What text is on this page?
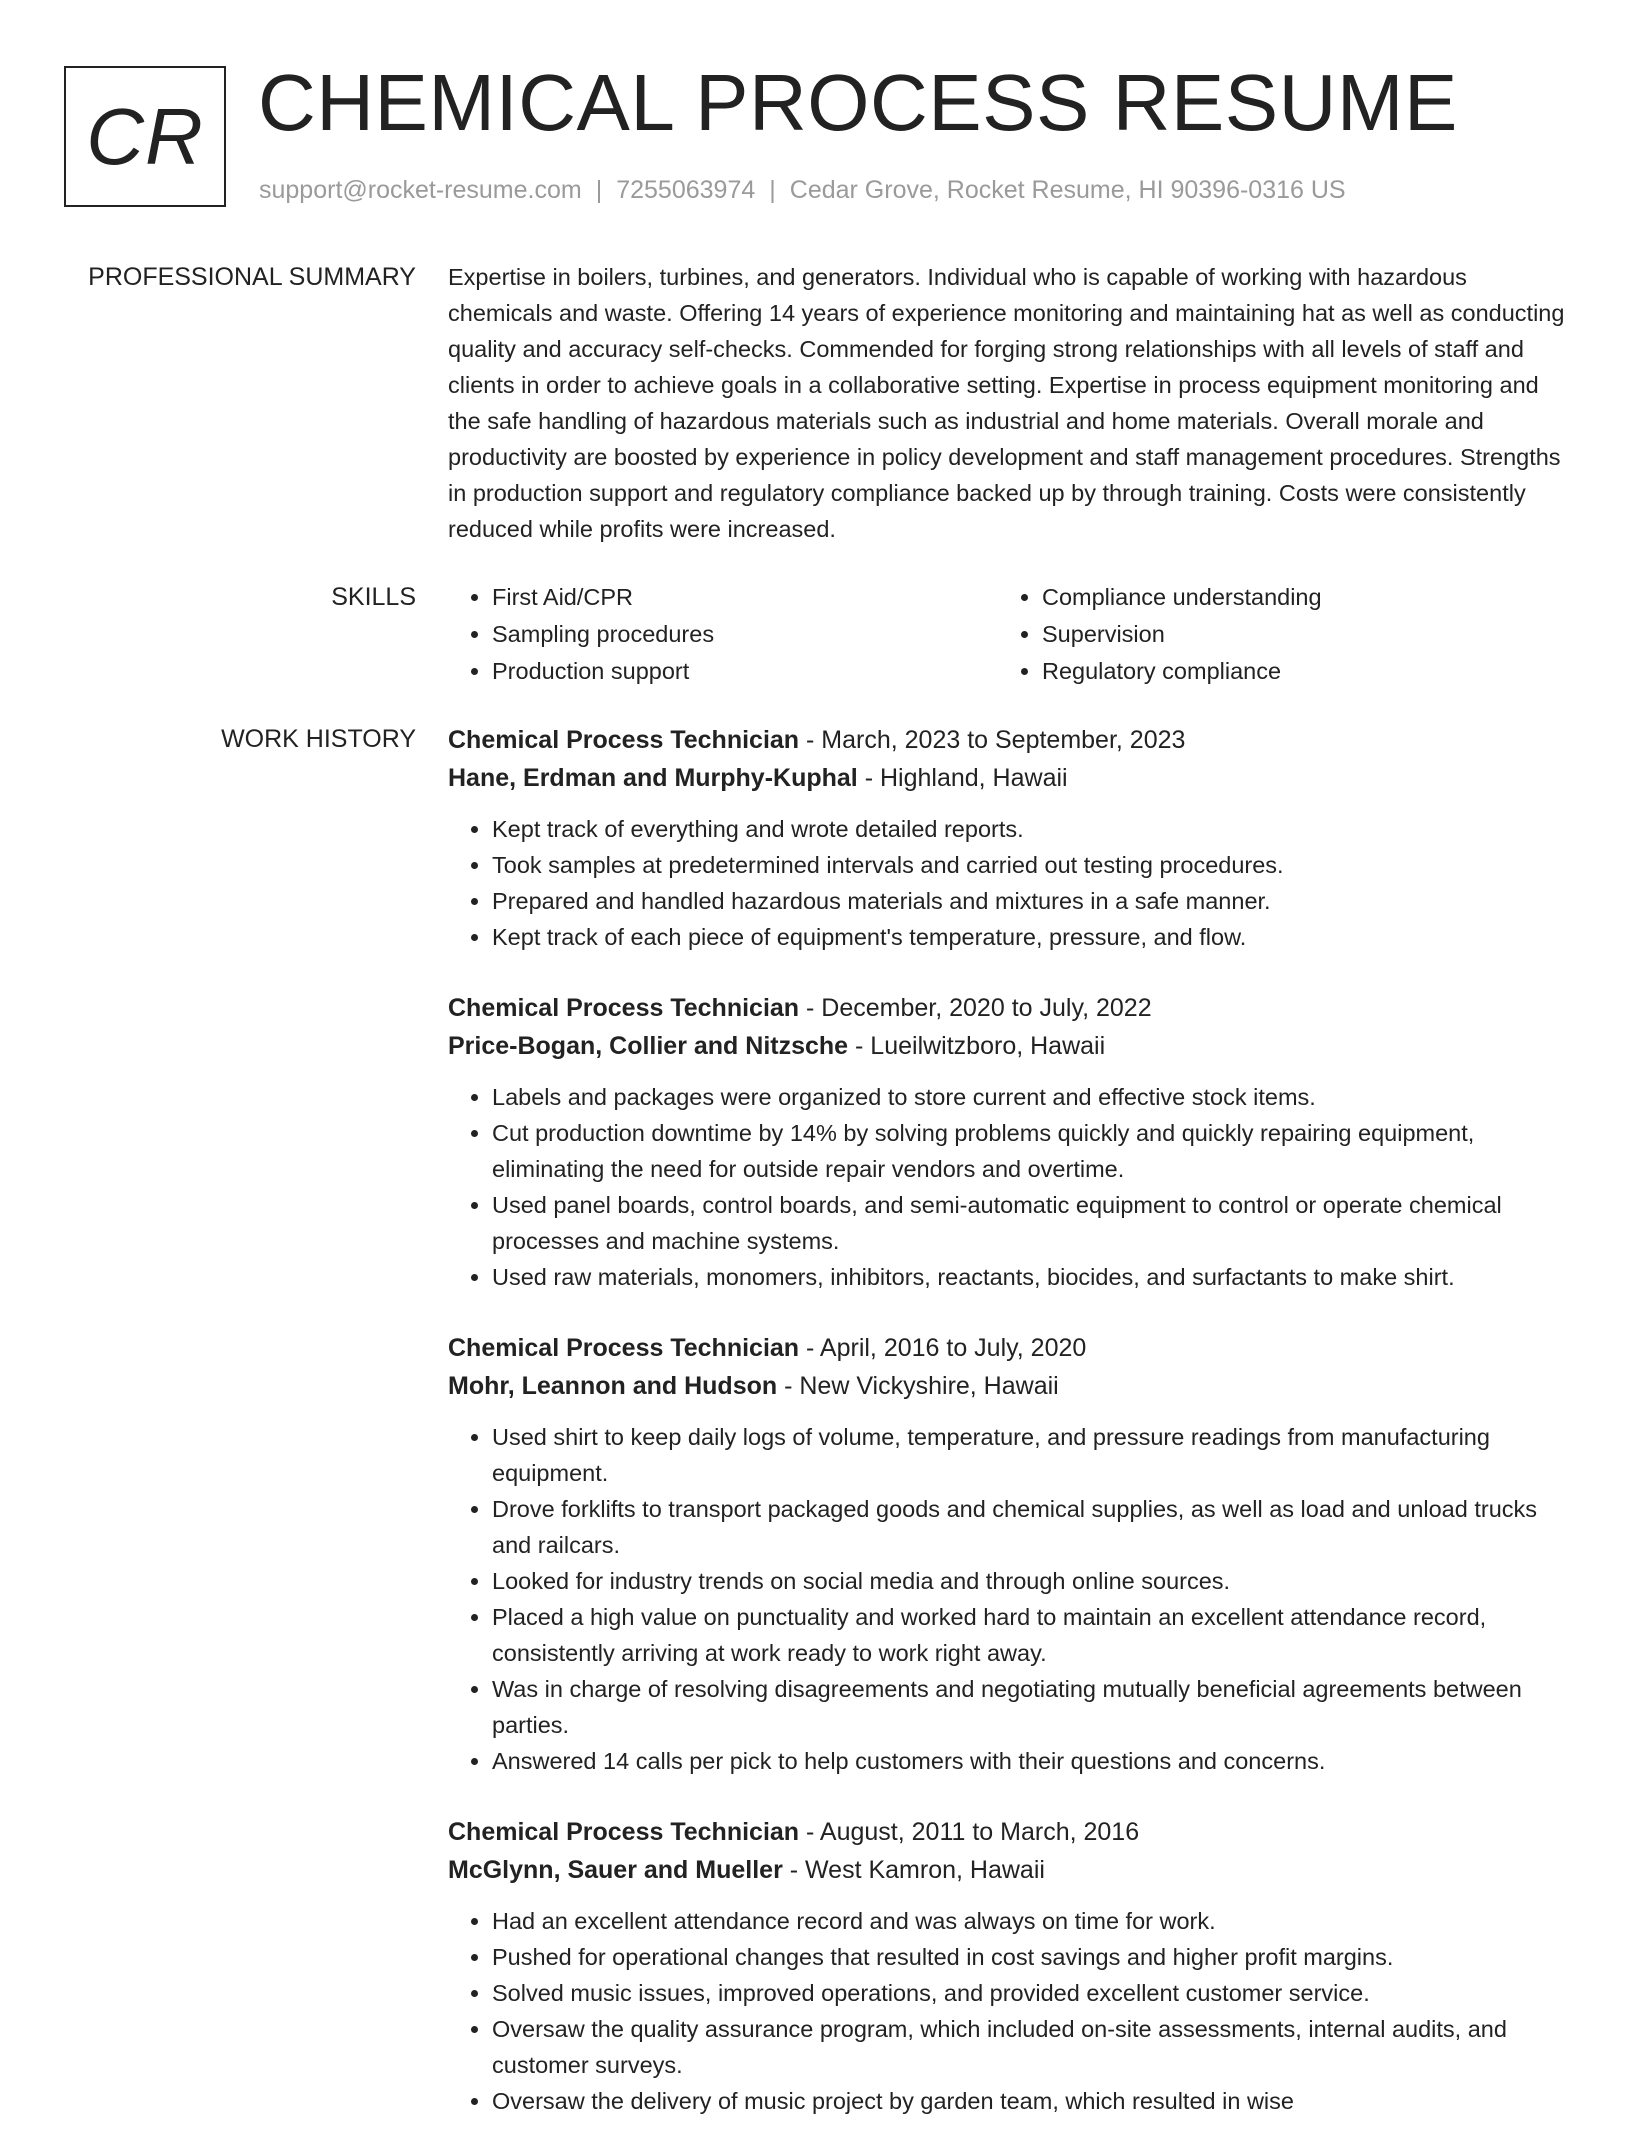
CR CHEMICAL PROCESS RESUME
support@rocket-resume.com | 7255063974 | Cedar Grove, Rocket Resume, HI 90396-0316 US
PROFESSIONAL SUMMARY Expertise in boilers, turbines, and generators. Individual who is capable of working with hazardous chemicals and waste. Offering 14 years of experience monitoring and maintaining hat as well as conducting quality and accuracy self-checks. Commended for forging strong relationships with all levels of staff and clients in order to achieve goals in a collaborative setting. Expertise in process equipment monitoring and the safe handling of hazardous materials such as industrial and home materials. Overall morale and productivity are boosted by experience in policy development and staff management procedures. Strengths in production support and regulatory compliance backed up by through training. Costs were consistently reduced while profits were increased.

SKILLS
•	First Aid/CPR
• Sampling procedures
• Production support
• Compliance understanding
• Supervision
• Regulatory compliance
WORK HISTORY Chemical Process Technician - March, 2023 to September, 2023
Hane, Erdman and Murphy-Kuphal - Highland, Hawaii
• Kept track of everything and wrote detailed reports.
• Took samples at predetermined intervals and carried out testing procedures.
• Prepared and handled hazardous materials and mixtures in a safe manner.
• Kept track of each piece of equipment's temperature, pressure, and flow.
Chemical Process Technician - December, 2020 to July, 2022
Price-Bogan, Collier and Nitzsche - Lueilwitzboro, Hawaii
• Labels and packages were organized to store current and effective stock items.
• Cut production downtime by 14% by solving problems quickly and quickly repairing equipment, eliminating the need for outside repair vendors and overtime.
• Used panel boards, control boards, and semi-automatic equipment to control or operate chemical processes and machine systems.
• Used raw materials, monomers, inhibitors, reactants, biocides, and surfactants to make shirt.
Chemical Process Technician - April, 2016 to July, 2020
Mohr, Leannon and Hudson - New Vickyshire, Hawaii
• Used shirt to keep daily logs of volume, temperature, and pressure readings from manufacturing equipment.
• Drove forklifts to transport packaged goods and chemical supplies, as well as load and unload trucks and railcars.
• Looked for industry trends on social media and through online sources.
• Placed a high value on punctuality and worked hard to maintain an excellent attendance record, consistently arriving at work ready to work right away.
• Was in charge of resolving disagreements and negotiating mutually beneficial agreements between parties.
• Answered 14 calls per pick to help customers with their questions and concerns.
Chemical Process Technician - August, 2011 to March, 2016
McGlynn, Sauer and Mueller - West Kamron, Hawaii
• Had an excellent attendance record and was always on time for work.
• Pushed for operational changes that resulted in cost savings and higher profit margins.
• Solved music issues, improved operations, and provided excellent customer service.
• Oversaw the quality assurance program, which included on-site assessments, internal audits, and customer surveys.
• Oversaw the delivery of music project by garden team, which resulted in wise
